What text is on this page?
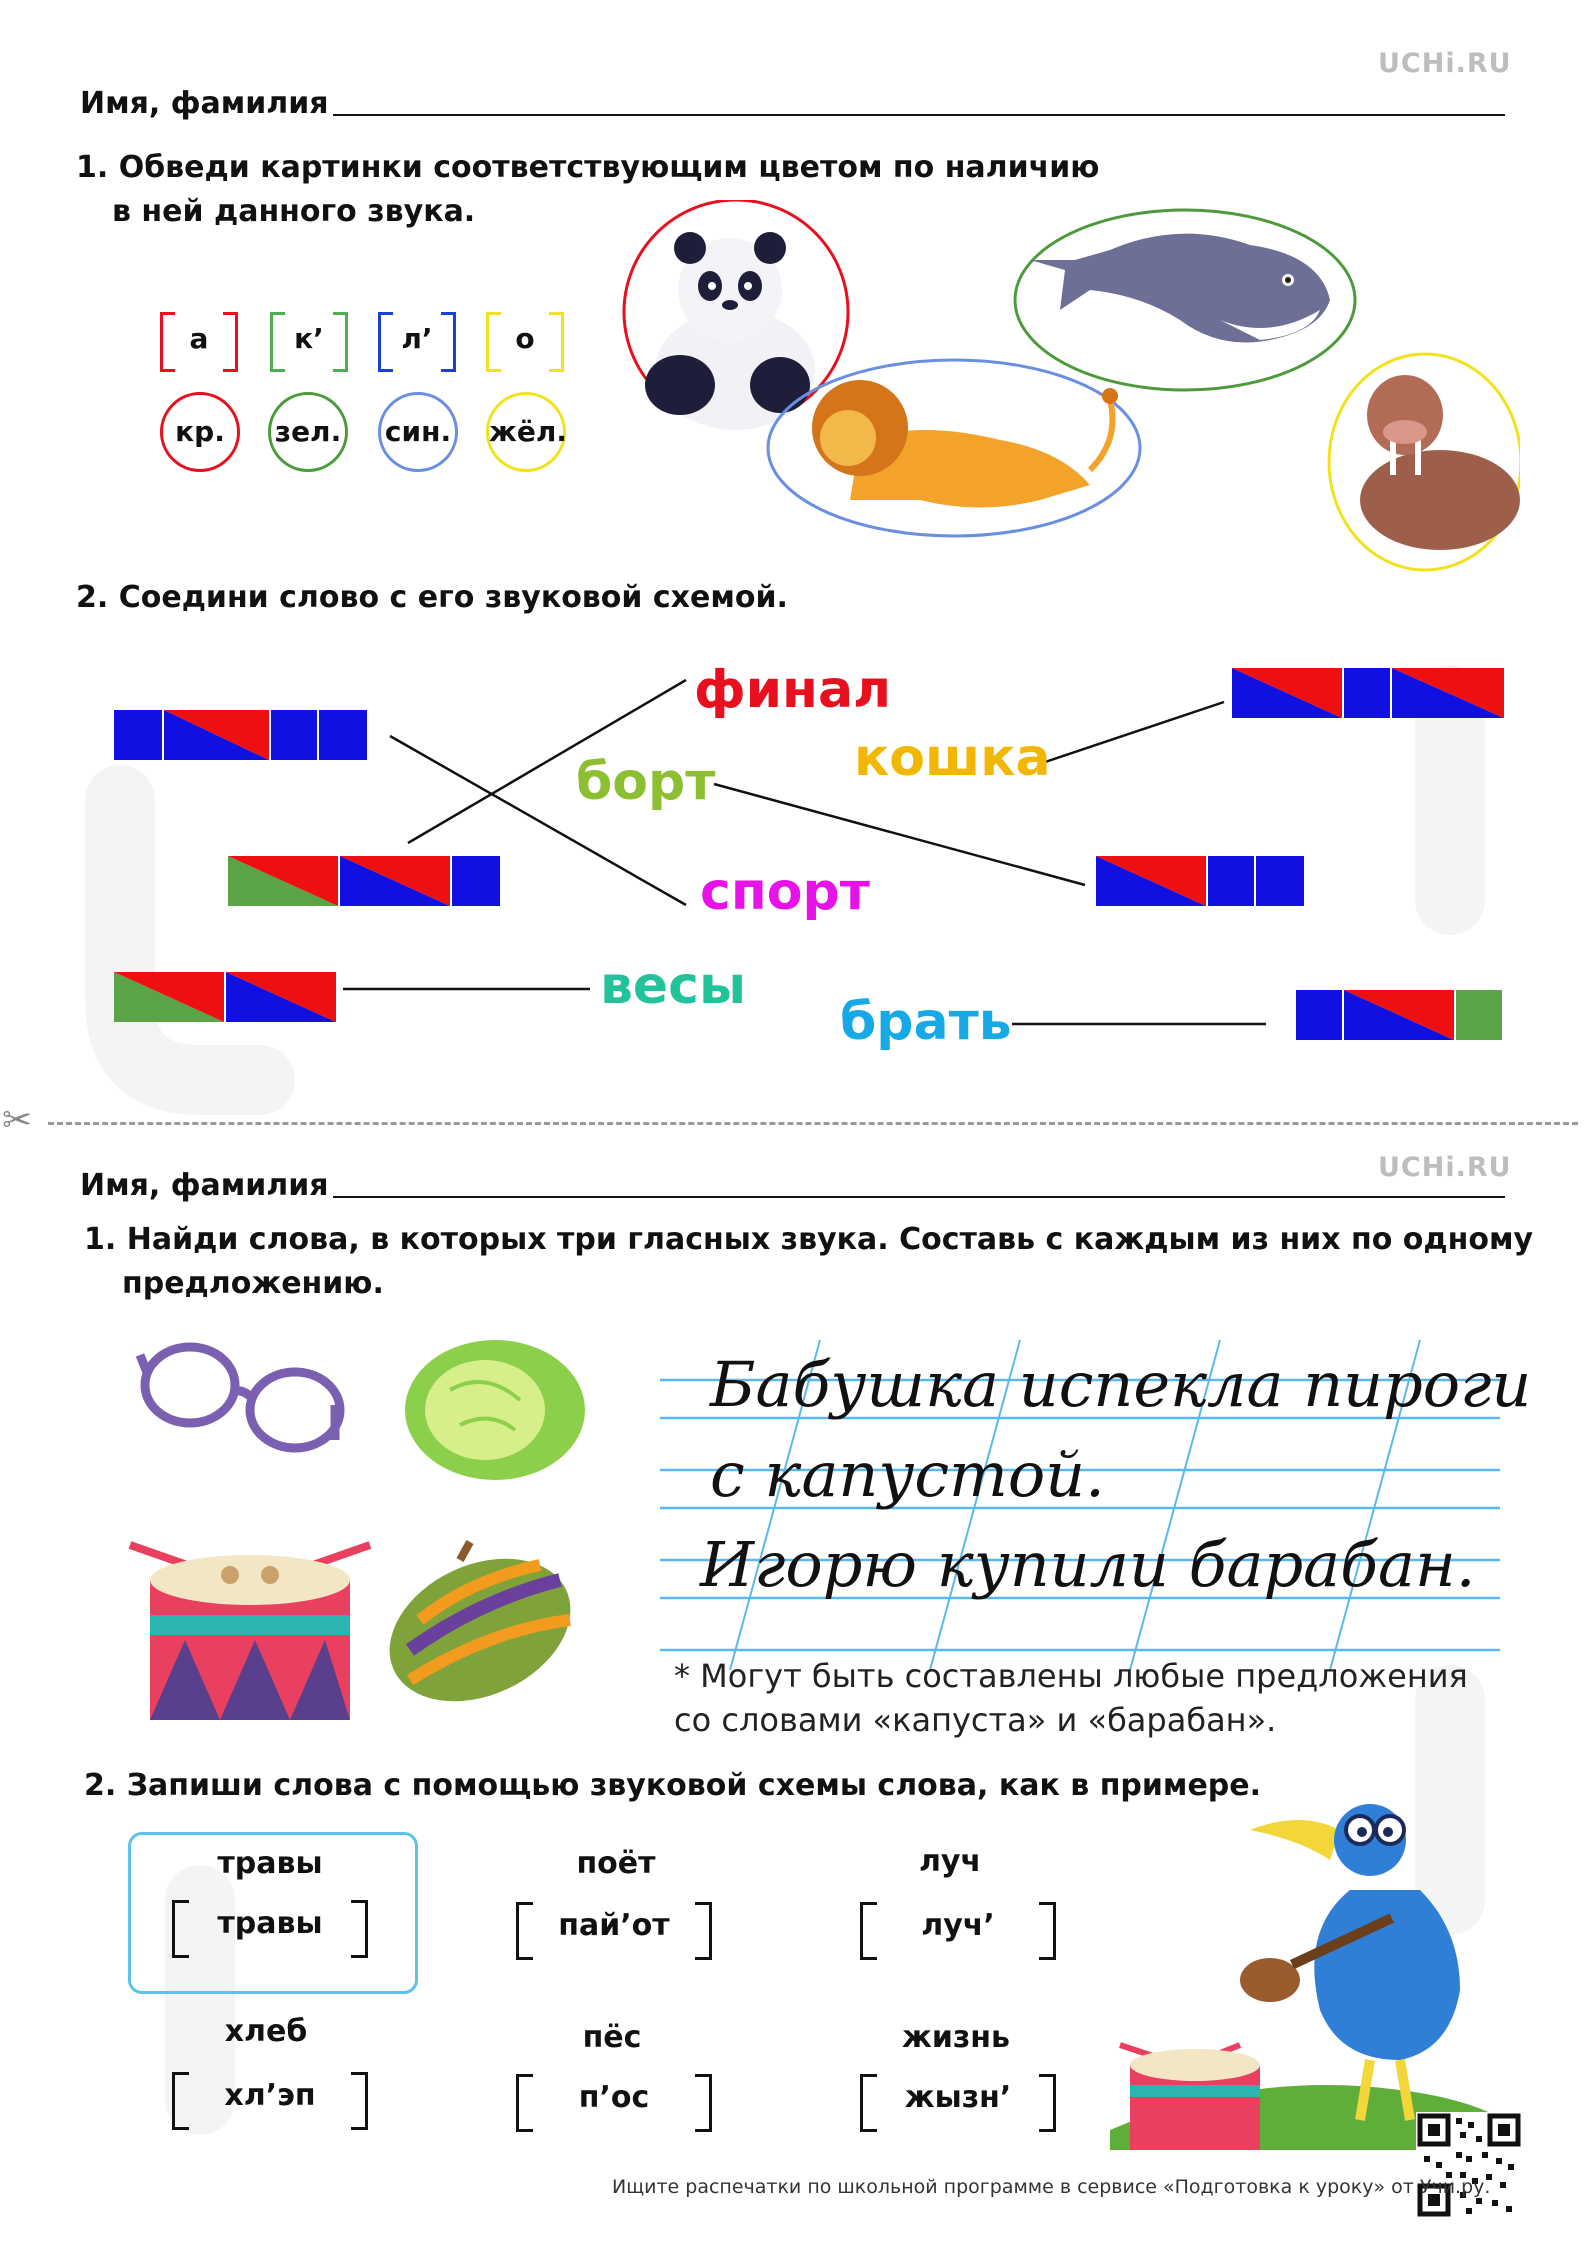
UCHi.RU
Имя, фамилия
1. Обведи картинки соответствующим цветом по наличию
в ней данного звука.
а	к’	л’	о
кр.	зел. син. жёл.
2. Соедини слово с его звуковой схемой.
финал
кошка
борт
спорт
весы
брать
✂
UCHi.RU
Имя, фамилия
1. Найди слова, в которых три гласных звука. Составь с каждым из них по одному
предложению.
Бабушка испекла пироги
с капустой.
Игорю купили барабан.
* Могут быть составлены любые предложения
со словами «капуста» и «барабан».
2. Запиши слова с помощью звуковой схемы слова, как в примере.
травы
травы
поёт
пай’от
луч
луч’
хлеб
хл’эп
пёс
п’ос
жизнь
жызн’
Ищите распечатки по школьной программе в сервисе «Подготовка к уроку» от Учи.ру.
